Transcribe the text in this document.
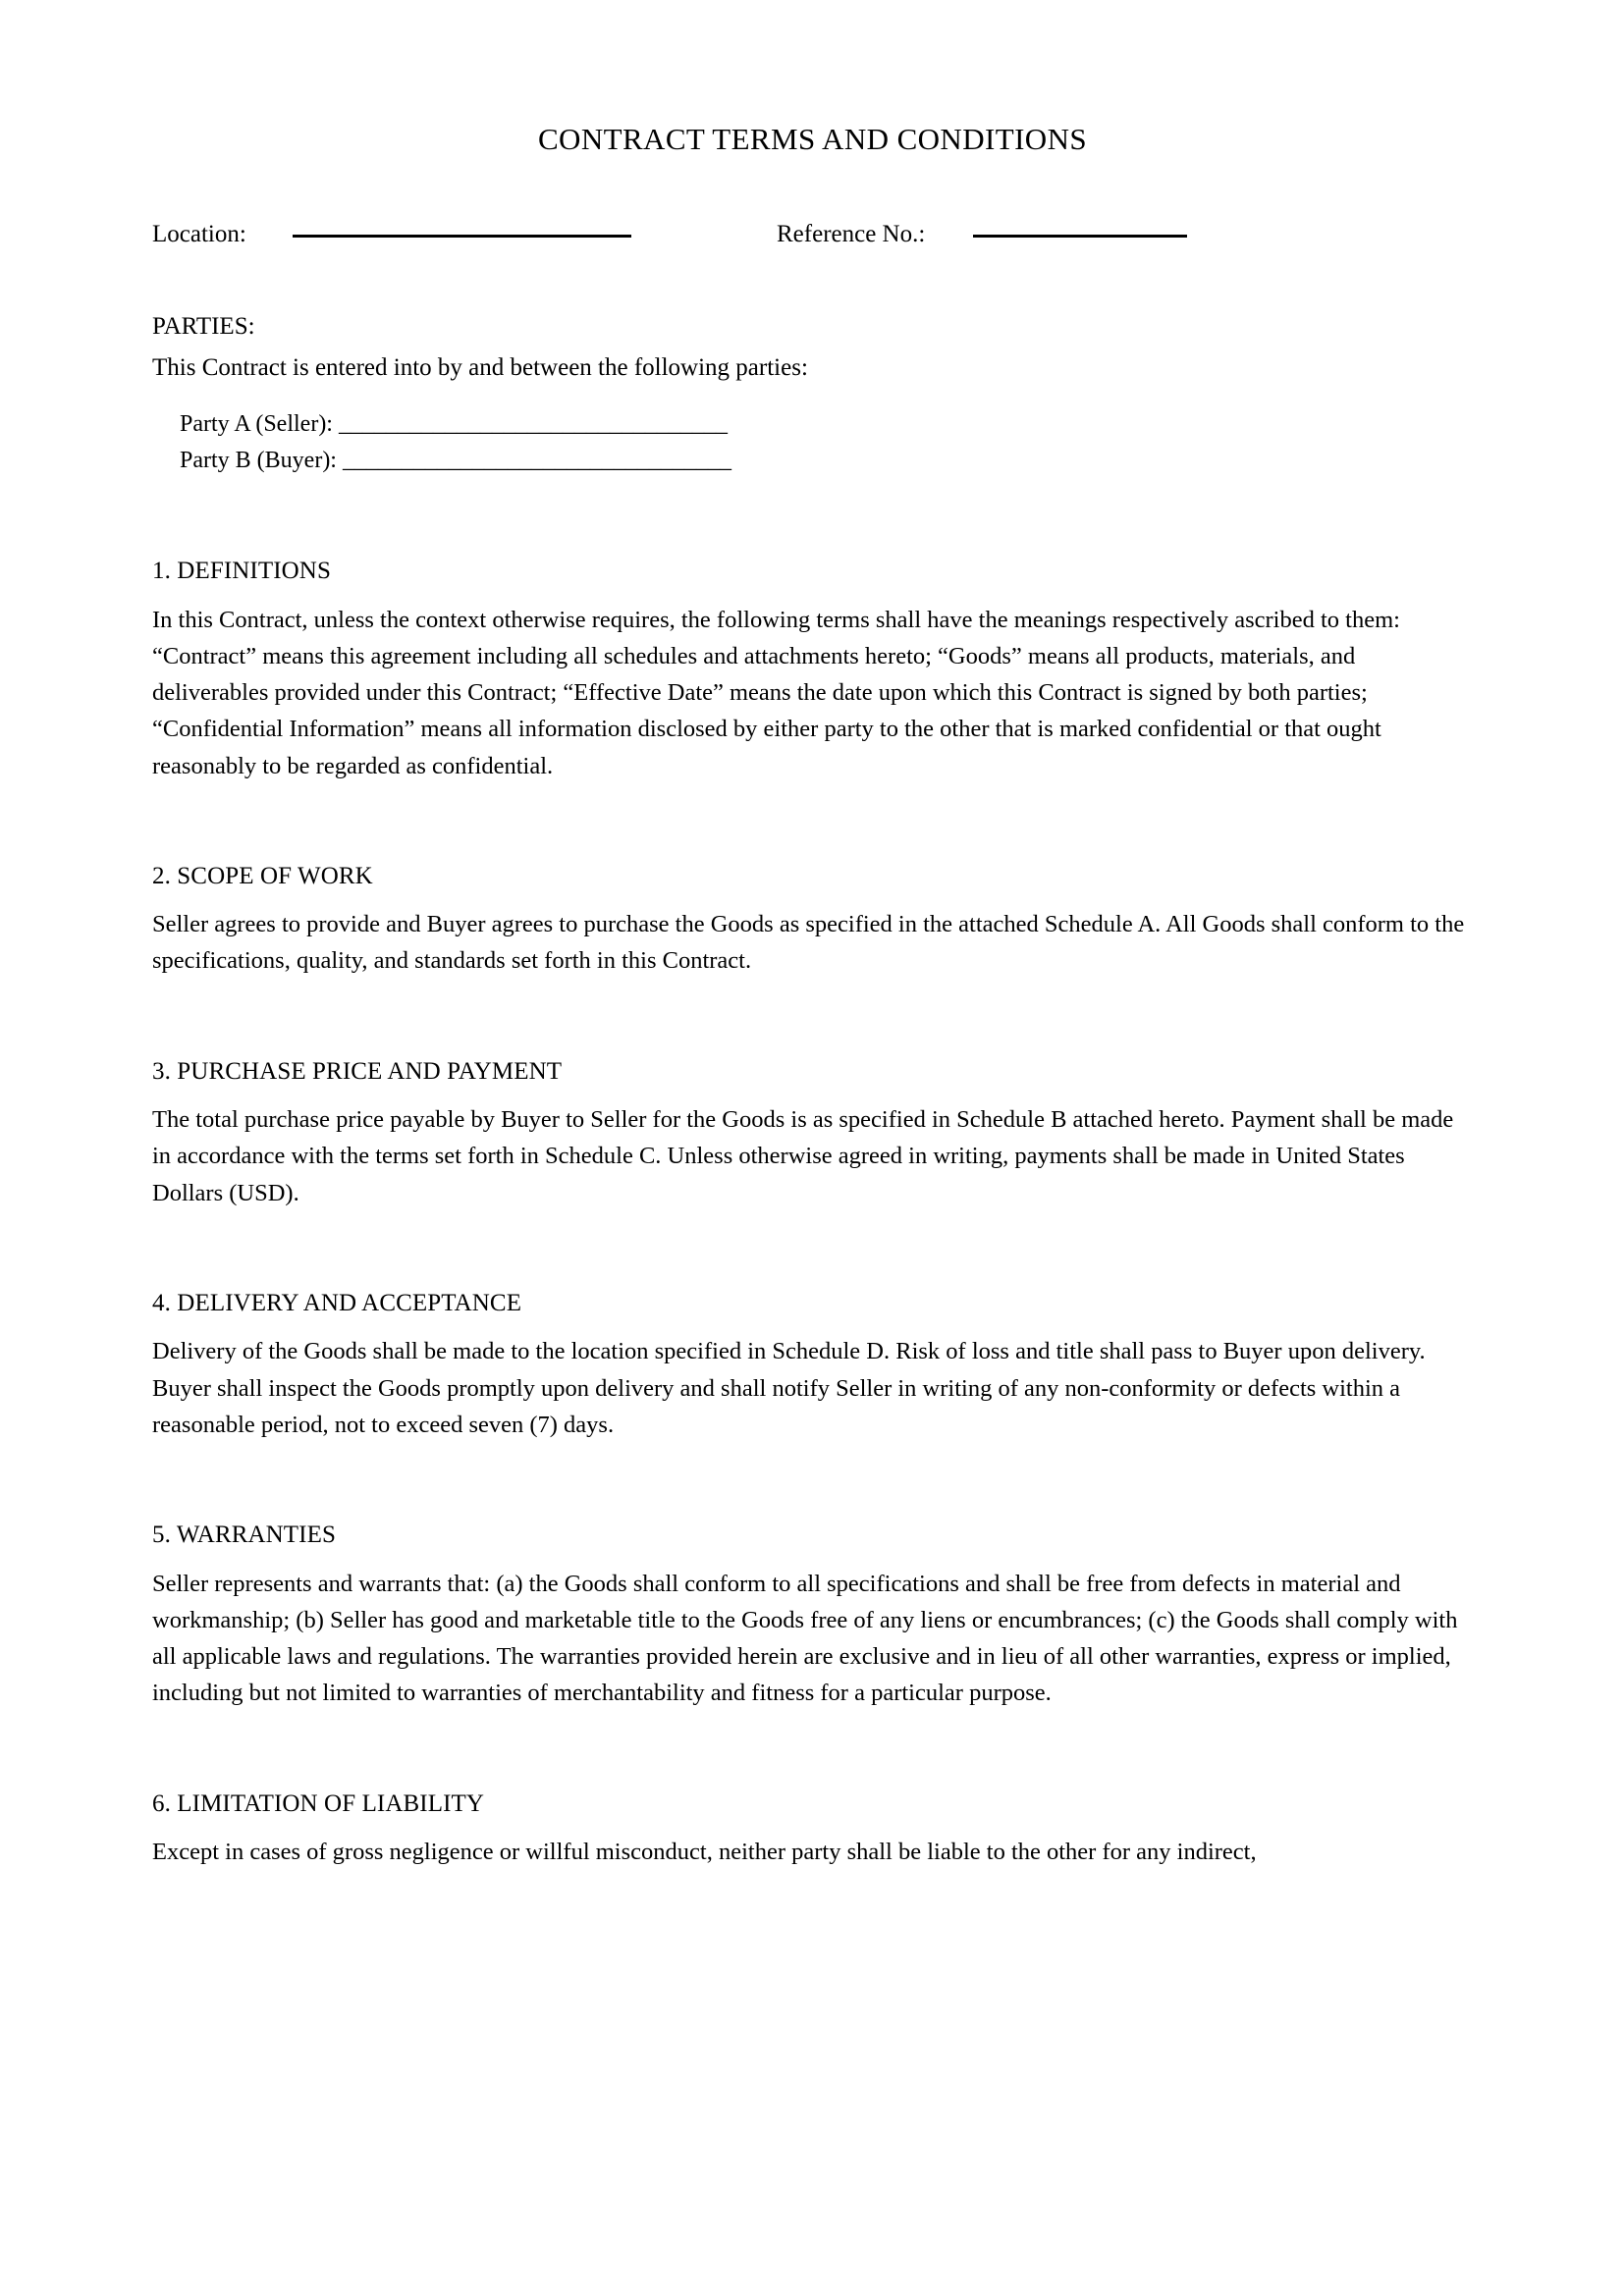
CONTRACT TERMS AND CONDITIONS
Location:	Reference No.:
PARTIES:

This Contract is entered into by and between the following parties:

Party A (Seller): _________________________________
Party B (Buyer): _________________________________
1. DEFINITIONS

In this Contract, unless the context otherwise requires, the following terms shall have the meanings respectively ascribed to them: “Contract” means this agreement including all schedules and attachments hereto; “Goods” means all products, materials, and deliverables provided under this Contract; “Effective Date” means the date upon which this Contract is signed by both parties; “Confidential Information” means all information disclosed by either party to the other that is marked confidential or that ought reasonably to be regarded as confidential.

2. SCOPE OF WORK

Seller agrees to provide and Buyer agrees to purchase the Goods as specified in the attached Schedule A. All Goods shall conform to the specifications, quality, and standards set forth in this Contract.

3. PURCHASE PRICE AND PAYMENT

The total purchase price payable by Buyer to Seller for the Goods is as specified in Schedule B attached hereto. Payment shall be made in accordance with the terms set forth in Schedule C. Unless otherwise agreed in writing, payments shall be made in United States Dollars (USD).

4. DELIVERY AND ACCEPTANCE

Delivery of the Goods shall be made to the location specified in Schedule D. Risk of loss and title shall pass to Buyer upon delivery. Buyer shall inspect the Goods promptly upon delivery and shall notify Seller in writing of any non-conformity or defects within a reasonable period, not to exceed seven (7) days.

5. WARRANTIES

Seller represents and warrants that: (a) the Goods shall conform to all specifications and shall be free from defects in material and workmanship; (b) Seller has good and marketable title to the Goods free of any liens or encumbrances; (c) the Goods shall comply with all applicable laws and regulations. The warranties provided herein are exclusive and in lieu of all other warranties, express or implied, including but not limited to warranties of merchantability and fitness for a particular purpose.

6. LIMITATION OF LIABILITY

Except in cases of gross negligence or willful misconduct, neither party shall be liable to the other for any indirect,
